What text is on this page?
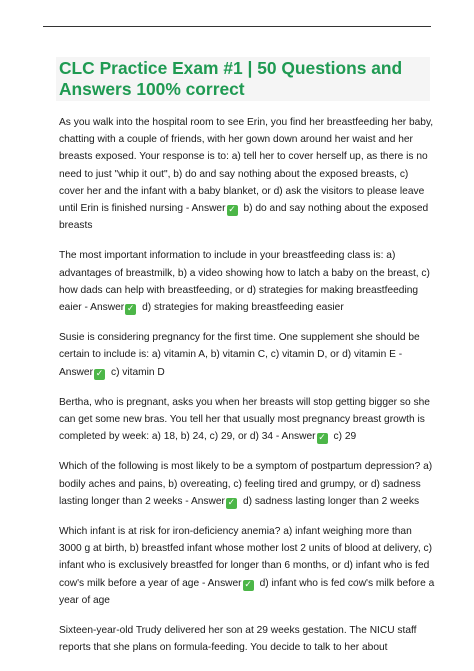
CLC Practice Exam #1 | 50 Questions and Answers 100% correct

As you walk into the hospital room to see Erin, you find her breastfeeding her baby, chatting with a couple of friends, with her gown down around her waist and her breasts exposed. Your response is to: a) tell her to cover herself up, as there is no need to just "whip it out", b) do and say nothing about the exposed breasts, c) cover her and the infant with a baby blanket, or d) ask the visitors to please leave until Erin is finished nursing - Answer ✓ b) do and say nothing about the exposed breasts

The most important information to include in your breastfeeding class is: a) advantages of breastmilk, b) a video showing how to latch a baby on the breast, c) how dads can help with breastfeeding, or d) strategies for making breastfeeding eaier - Answer ✓ d) strategies for making breastfeeding easier

Susie is considering pregnancy for the first time. One supplement she should be certain to include is: a) vitamin A, b) vitamin C, c) vitamin D, or d) vitamin E - Answer ✓ c) vitamin D

Bertha, who is pregnant, asks you when her breasts will stop getting bigger so she can get some new bras. You tell her that usually most pregnancy breast growth is completed by week: a) 18, b) 24, c) 29, or d) 34 - Answer ✓ c) 29

Which of the following is most likely to be a symptom of postpartum depression? a) bodily aches and pains, b) overeating, c) feeling tired and grumpy, or d) sadness lasting longer than 2 weeks - Answer ✓ d) sadness lasting longer than 2 weeks

Which infant is at risk for iron-deficiency anemia? a) infant weighing more than 3000 g at birth, b) breastfed infant whose mother lost 2 units of blood at delivery, c) infant who is exclusively breastfed for longer than 6 months, or d) infant who is fed cow's milk before a year of age - Answer ✓ d) infant who is fed cow's milk before a year of age

Sixteen-year-old Trudy delivered her son at 29 weeks gestation. The NICU staff reports that she plans on formula-feeding. You decide to talk to her about
